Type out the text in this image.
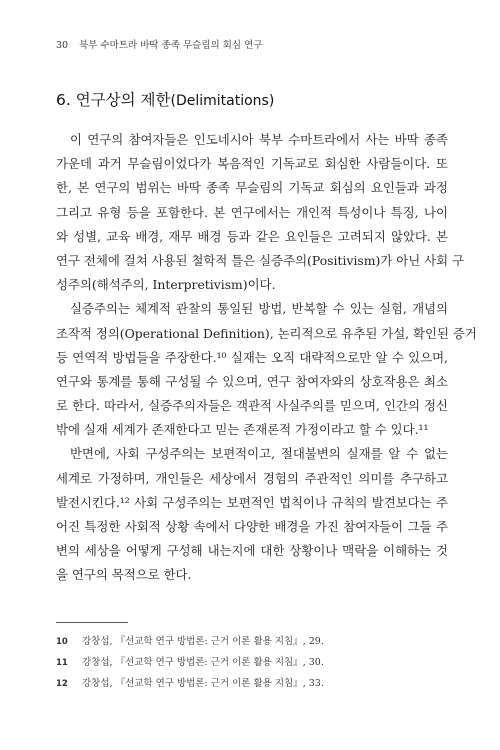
30 북부 수마트라 바딱 종족 무슬림의 회심 연구
6. 연구상의 제한(Delimitations)
이 연구의 참여자들은 인도네시아 북부 수마트라에서 사는 바딱 종족
가운데 과거 무슬림이었다가 복음적인 기독교로 회심한 사람들이다. 또
한, 본 연구의 범위는 바딱 종족 무슬림의 기독교 회심의 요인들과 과정
그리고 유형 등을 포함한다. 본 연구에서는 개인적 특성이나 특징, 나이
와 성별, 교육 배경, 재무 배경 등과 같은 요인들은 고려되지 않았다. 본
연구 전체에 걸쳐 사용된 철학적 틀은 실증주의(Positivism)가 아닌 사회 구
성주의(해석주의, Interpretivism)이다.
실증주의는 체계적 관찰의 통일된 방법, 반복할 수 있는 실험, 개념의
조작적 정의(Operational Definition), 논리적으로 유추된 가설, 확인된 증거
등 연역적 방법들을 주장한다.¹⁰ 실재는 오직 대략적으로만 알 수 있으며,
연구와 통계를 통해 구성될 수 있으며, 연구 참여자와의 상호작용은 최소
로 한다. 따라서, 실증주의자들은 객관적 사실주의를 믿으며, 인간의 정신
밖에 실재 세계가 존재한다고 믿는 존재론적 가정이라고 할 수 있다.¹¹
반면에, 사회 구성주의는 보편적이고, 절대불변의 실재를 알 수 없는
세계로 가정하며, 개인들은 세상에서 경험의 주관적인 의미를 추구하고
발전시킨다.¹² 사회 구성주의는 보편적인 법칙이나 규칙의 발견보다는 주
어진 특정한 사회적 상황 속에서 다양한 배경을 가진 참여자들이 그들 주
변의 세상을 어떻게 구성해 내는지에 대한 상황이나 맥락을 이해하는 것
을 연구의 목적으로 한다.
10 강창섭, 『선교학 연구 방법론: 근거 이론 활용 지침』, 29.
11 강창섭, 『선교학 연구 방법론: 근거 이론 활용 지침』, 30.
12 강창섭, 『선교학 연구 방법론: 근거 이론 활용 지침』, 33.
